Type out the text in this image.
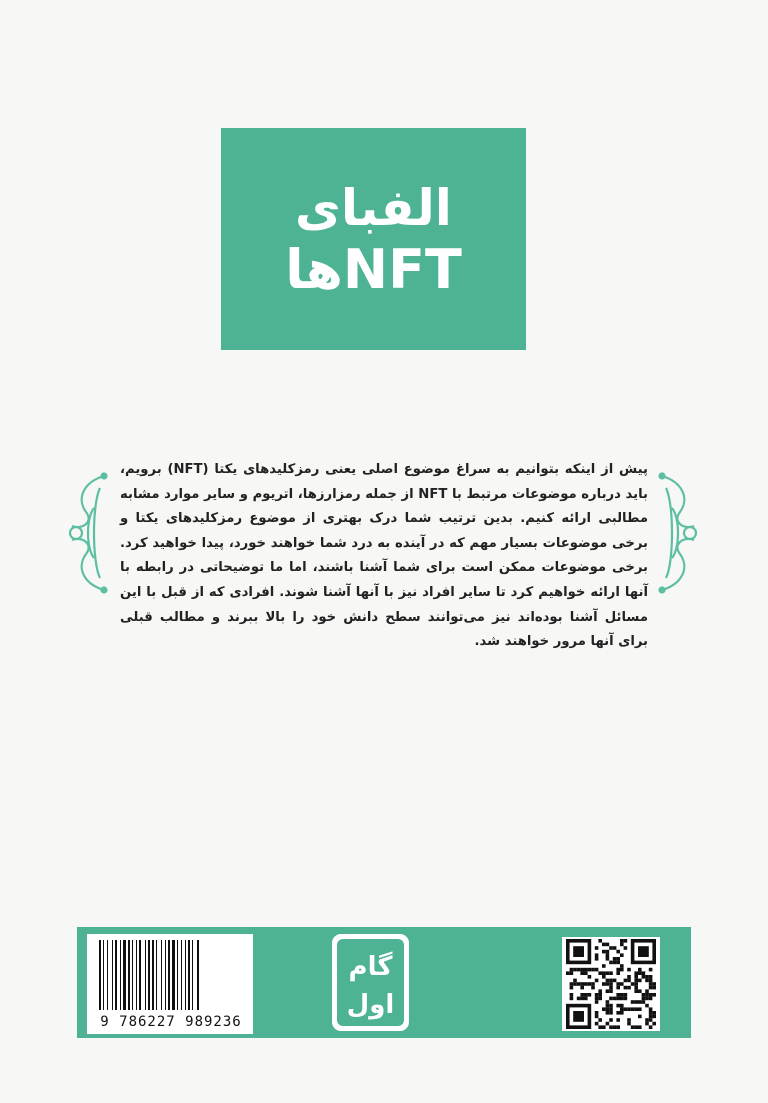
الفبای
NFTها

پیش از اینکه بتوانیم به سراغ موضوع اصلی یعنی رمزکلیدهای یکتا (NFT) برویم، باید درباره موضوعات مرتبط با NFT از جمله رمزارزها، اتریوم و سایر موارد مشابه مطالبی ارائه کنیم. بدین ترتیب شما درک بهتری از موضوع رمزکلیدهای یکتا و برخی موضوعات بسیار مهم که در آینده به درد شما خواهند خورد، پیدا خواهید کرد. برخی موضوعات ممکن است برای شما آشنا باشند، اما ما توضیحاتی در رابطه با آنها ارائه خواهیم کرد تا سایر افراد نیز با آنها آشنا شوند. افرادی که از قبل با این مسائل آشنا بوده‌اند نیز می‌توانند سطح دانش خود را بالا ببرند و مطالب قبلی برای آنها مرور خواهند شد.

9 786227 989236
گام
اول
